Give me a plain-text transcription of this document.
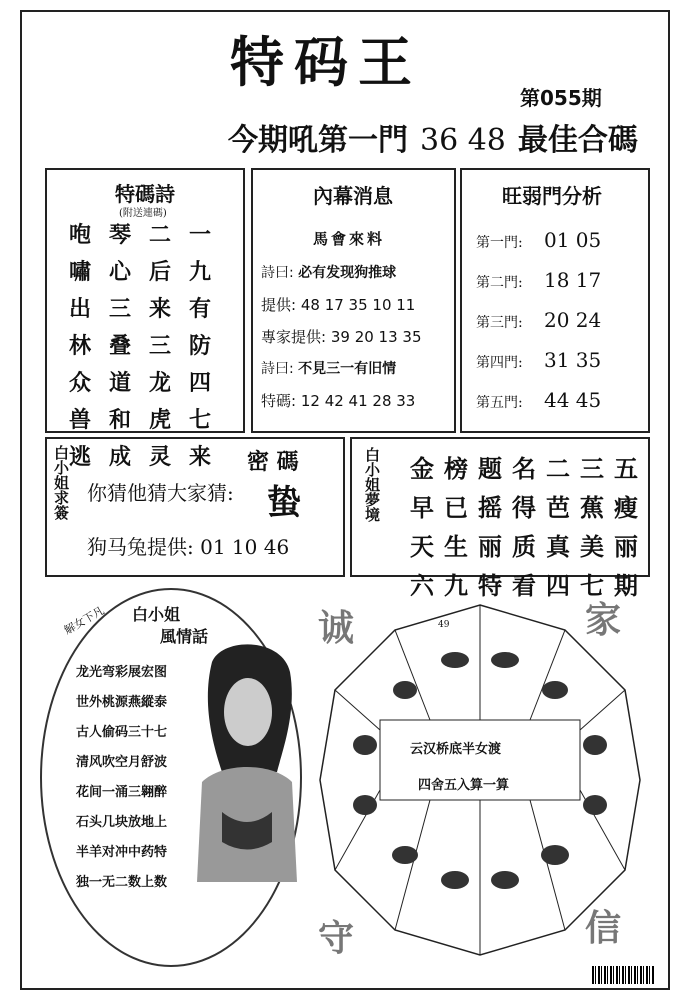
特码王
第055期
今期吼第一門 36 48 最佳合碼
特碼詩
(附送連碼)
咆 琴 二 一
嘯 心 后 九
出 三 来 有
林 叠 三 防
众 道 龙 四
兽 和 虎 七
逃 成 灵 来
內幕消息
馬會來料
詩曰: 必有发现狗推球
提供: 48 17 35 10 11
專家提供: 39 20 13 35
詩曰: 不見三一有旧情
特碼: 12 42 41 28 33
旺弱門分析
第一門: 01 05
第二門: 18 17
第三門: 20 24
第四門: 31 35
第五門: 44 45
白小姐求簽	密 碼
你猜他猜大家猜: 蛰
狗马兔提供: 01 10 46
白小姐夢境 金 榜 题 名 二 三 五
早 已 摇 得 芭 蕉 瘦
天 生 丽 质 真 美 丽
六 九 特 看 四 七 期
解女下凡 白小姐
風情話
龙光弯彩展宏图
世外桃源燕縱泰
古人偷码三十七
清风吹空月舒波
花间一涌三翱醉
石头几块放地上
半羊对冲中药特
独一无二数上数
49
云汉桥底半女渡
四舍五入算一算
诚	家
守	信
